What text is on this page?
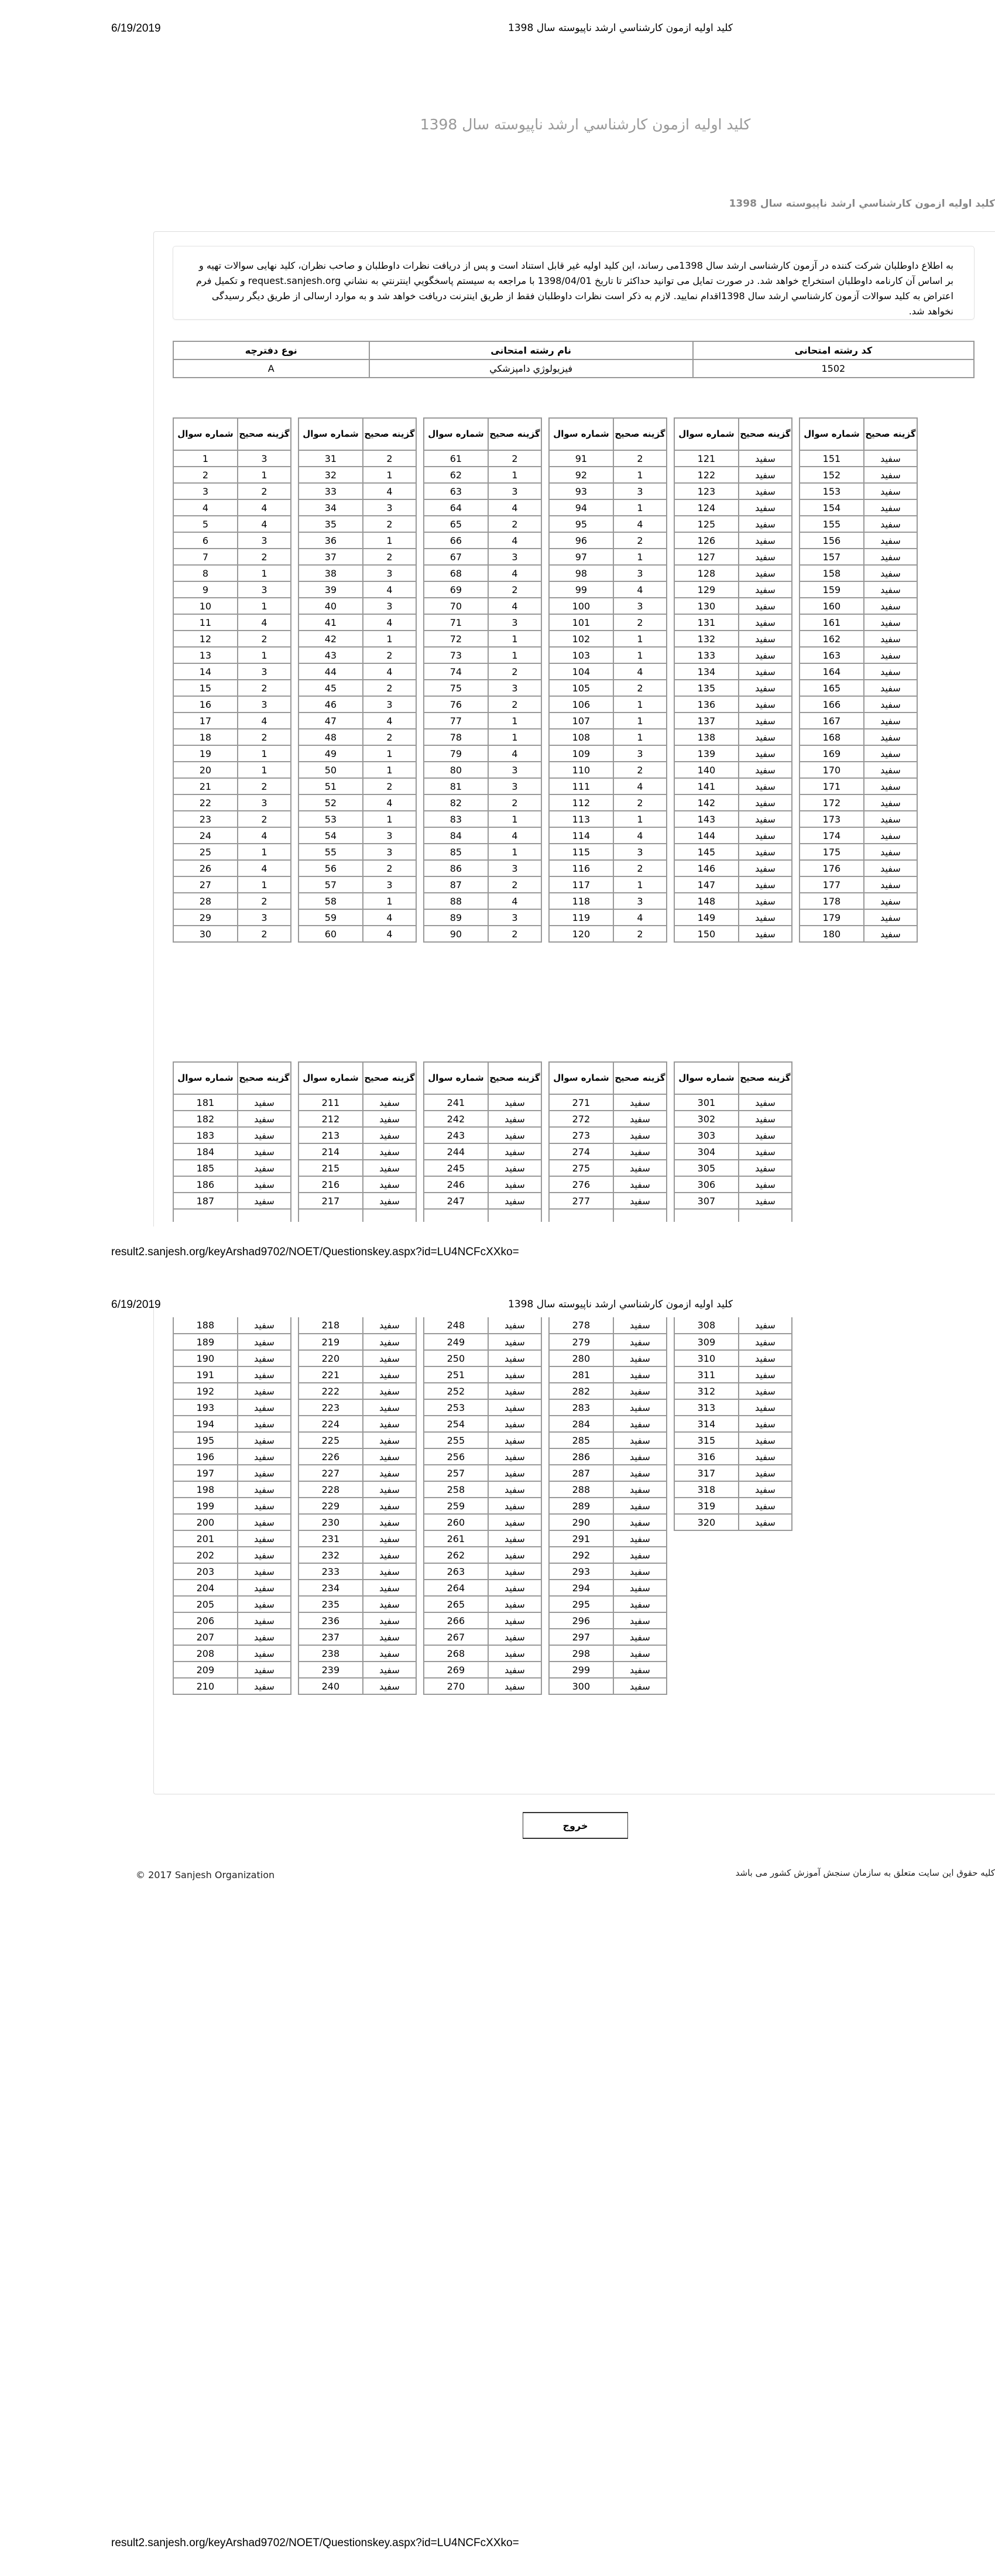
6/19/2019	كليد اوليه ازمون كارشناسي ارشد ناپيوسته سال 1398
كليد اوليه ازمون كارشناسي ارشد ناپيوسته سال 1398
كليد اوليه ازمون كارشناسي ارشد ناپيوسته سال 1398

به اطلاع داوطلبان شرکت کننده در آزمون کارشناسی ارشد سال 1398می رساند، این کلید اولیه غیر قابل استناد است و پس از دریافت نظرات داوطلبان و صاحب نظران، کلید نهایی سوالات تهیه و بر اساس آن کارنامه داوطلبان استخراج خواهد شد. در صورت تمایل می توانید حداکثر تا تاریخ 1398/04/01 با مراجعه به سیستم پاسخگويي اينترنتي به نشاني request.sanjesh.org و تکمیل فرم اعتراض به کلید سوالات آزمون کارشناسي ارشد سال 1398اقدام نمایید. لازم به ذکر است نظرات داوطلبان فقط از طریق اینترنت دریافت خواهد شد و به موارد ارسالی از طریق دیگر رسیدگی نخواهد شد.

کد رشته امتحانی	نام رشته امتحانی	نوع دفترچه
1502	فيزيولوژي دامپزشكي	A
شماره سوال	گزینه صحیح
1	3
2	1
3	2
4	4
5	4
6	3
7	2
8	1
9	3
10	1
11	4
12	2
13	1
14	3
15	2
16	3
17	4
18	2
19	1
20	1
21	2
22	3
23	2
24	4
25	1
26	4
27	1
28	2
29	3
30	2
شماره سوال	گزینه صحیح
31	2
32	1
33	4
34	3
35	2
36	1
37	2
38	3
39	4
40	3
41	4
42	1
43	2
44	4
45	2
46	3
47	4
48	2
49	1
50	1
51	2
52	4
53	1
54	3
55	3
56	2
57	3
58	1
59	4
60	4
شماره سوال	گزینه صحیح
61	2
62	1
63	3
64	4
65	2
66	4
67	3
68	4
69	2
70	4
71	3
72	1
73	1
74	2
75	3
76	2
77	1
78	1
79	4
80	3
81	3
82	2
83	1
84	4
85	1
86	3
87	2
88	4
89	3
90	2
شماره سوال	گزینه صحیح
91	2
92	1
93	3
94	1
95	4
96	2
97	1
98	3
99	4
100	3
101	2
102	1
103	1
104	4
105	2
106	1
107	1
108	1
109	3
110	2
111	4
112	2
113	1
114	4
115	3
116	2
117	1
118	3
119	4
120	2
شماره سوال	گزینه صحیح
121	سفید
122	سفید
123	سفید
124	سفید
125	سفید
126	سفید
127	سفید
128	سفید
129	سفید
130	سفید
131	سفید
132	سفید
133	سفید
134	سفید
135	سفید
136	سفید
137	سفید
138	سفید
139	سفید
140	سفید
141	سفید
142	سفید
143	سفید
144	سفید
145	سفید
146	سفید
147	سفید
148	سفید
149	سفید
150	سفید
شماره سوال	گزینه صحیح
151	سفید
152	سفید
153	سفید
154	سفید
155	سفید
156	سفید
157	سفید
158	سفید
159	سفید
160	سفید
161	سفید
162	سفید
163	سفید
164	سفید
165	سفید
166	سفید
167	سفید
168	سفید
169	سفید
170	سفید
171	سفید
172	سفید
173	سفید
174	سفید
175	سفید
176	سفید
177	سفید
178	سفید
179	سفید
180	سفید
شماره سوال	گزینه صحیح
181	سفید
182	سفید
183	سفید
184	سفید
185	سفید
186	سفید
187	سفید

شماره سوال	گزینه صحیح
211	سفید
212	سفید
213	سفید
214	سفید
215	سفید
216	سفید
217	سفید

شماره سوال	گزینه صحیح
241	سفید
242	سفید
243	سفید
244	سفید
245	سفید
246	سفید
247	سفید

شماره سوال	گزینه صحیح
271	سفید
272	سفید
273	سفید
274	سفید
275	سفید
276	سفید
277	سفید

شماره سوال	گزینه صحیح
301	سفید
302	سفید
303	سفید
304	سفید
305	سفید
306	سفید
307	سفید

result2.sanjesh.org/keyArshad9702/NOET/Questionskey.aspx?id=LU4NCFcXXko=
6/19/2019	كليد اوليه ازمون كارشناسي ارشد ناپيوسته سال 1398
188	سفید
189	سفید
190	سفید
191	سفید
192	سفید
193	سفید
194	سفید
195	سفید
196	سفید
197	سفید
198	سفید
199	سفید
200	سفید
201	سفید
202	سفید
203	سفید
204	سفید
205	سفید
206	سفید
207	سفید
208	سفید
209	سفید
210	سفید
218	سفید
219	سفید
220	سفید
221	سفید
222	سفید
223	سفید
224	سفید
225	سفید
226	سفید
227	سفید
228	سفید
229	سفید
230	سفید
231	سفید
232	سفید
233	سفید
234	سفید
235	سفید
236	سفید
237	سفید
238	سفید
239	سفید
240	سفید
248	سفید
249	سفید
250	سفید
251	سفید
252	سفید
253	سفید
254	سفید
255	سفید
256	سفید
257	سفید
258	سفید
259	سفید
260	سفید
261	سفید
262	سفید
263	سفید
264	سفید
265	سفید
266	سفید
267	سفید
268	سفید
269	سفید
270	سفید
278	سفید
279	سفید
280	سفید
281	سفید
282	سفید
283	سفید
284	سفید
285	سفید
286	سفید
287	سفید
288	سفید
289	سفید
290	سفید
291	سفید
292	سفید
293	سفید
294	سفید
295	سفید
296	سفید
297	سفید
298	سفید
299	سفید
300	سفید
308	سفید
309	سفید
310	سفید
311	سفید
312	سفید
313	سفید
314	سفید
315	سفید
316	سفید
317	سفید
318	سفید
319	سفید
320	سفید
خروج
© 2017 Sanjesh Organization	کلیه حقوق این سایت متعلق به سازمان سنجش آموزش کشور می باشد
result2.sanjesh.org/keyArshad9702/NOET/Questionskey.aspx?id=LU4NCFcXXko=
